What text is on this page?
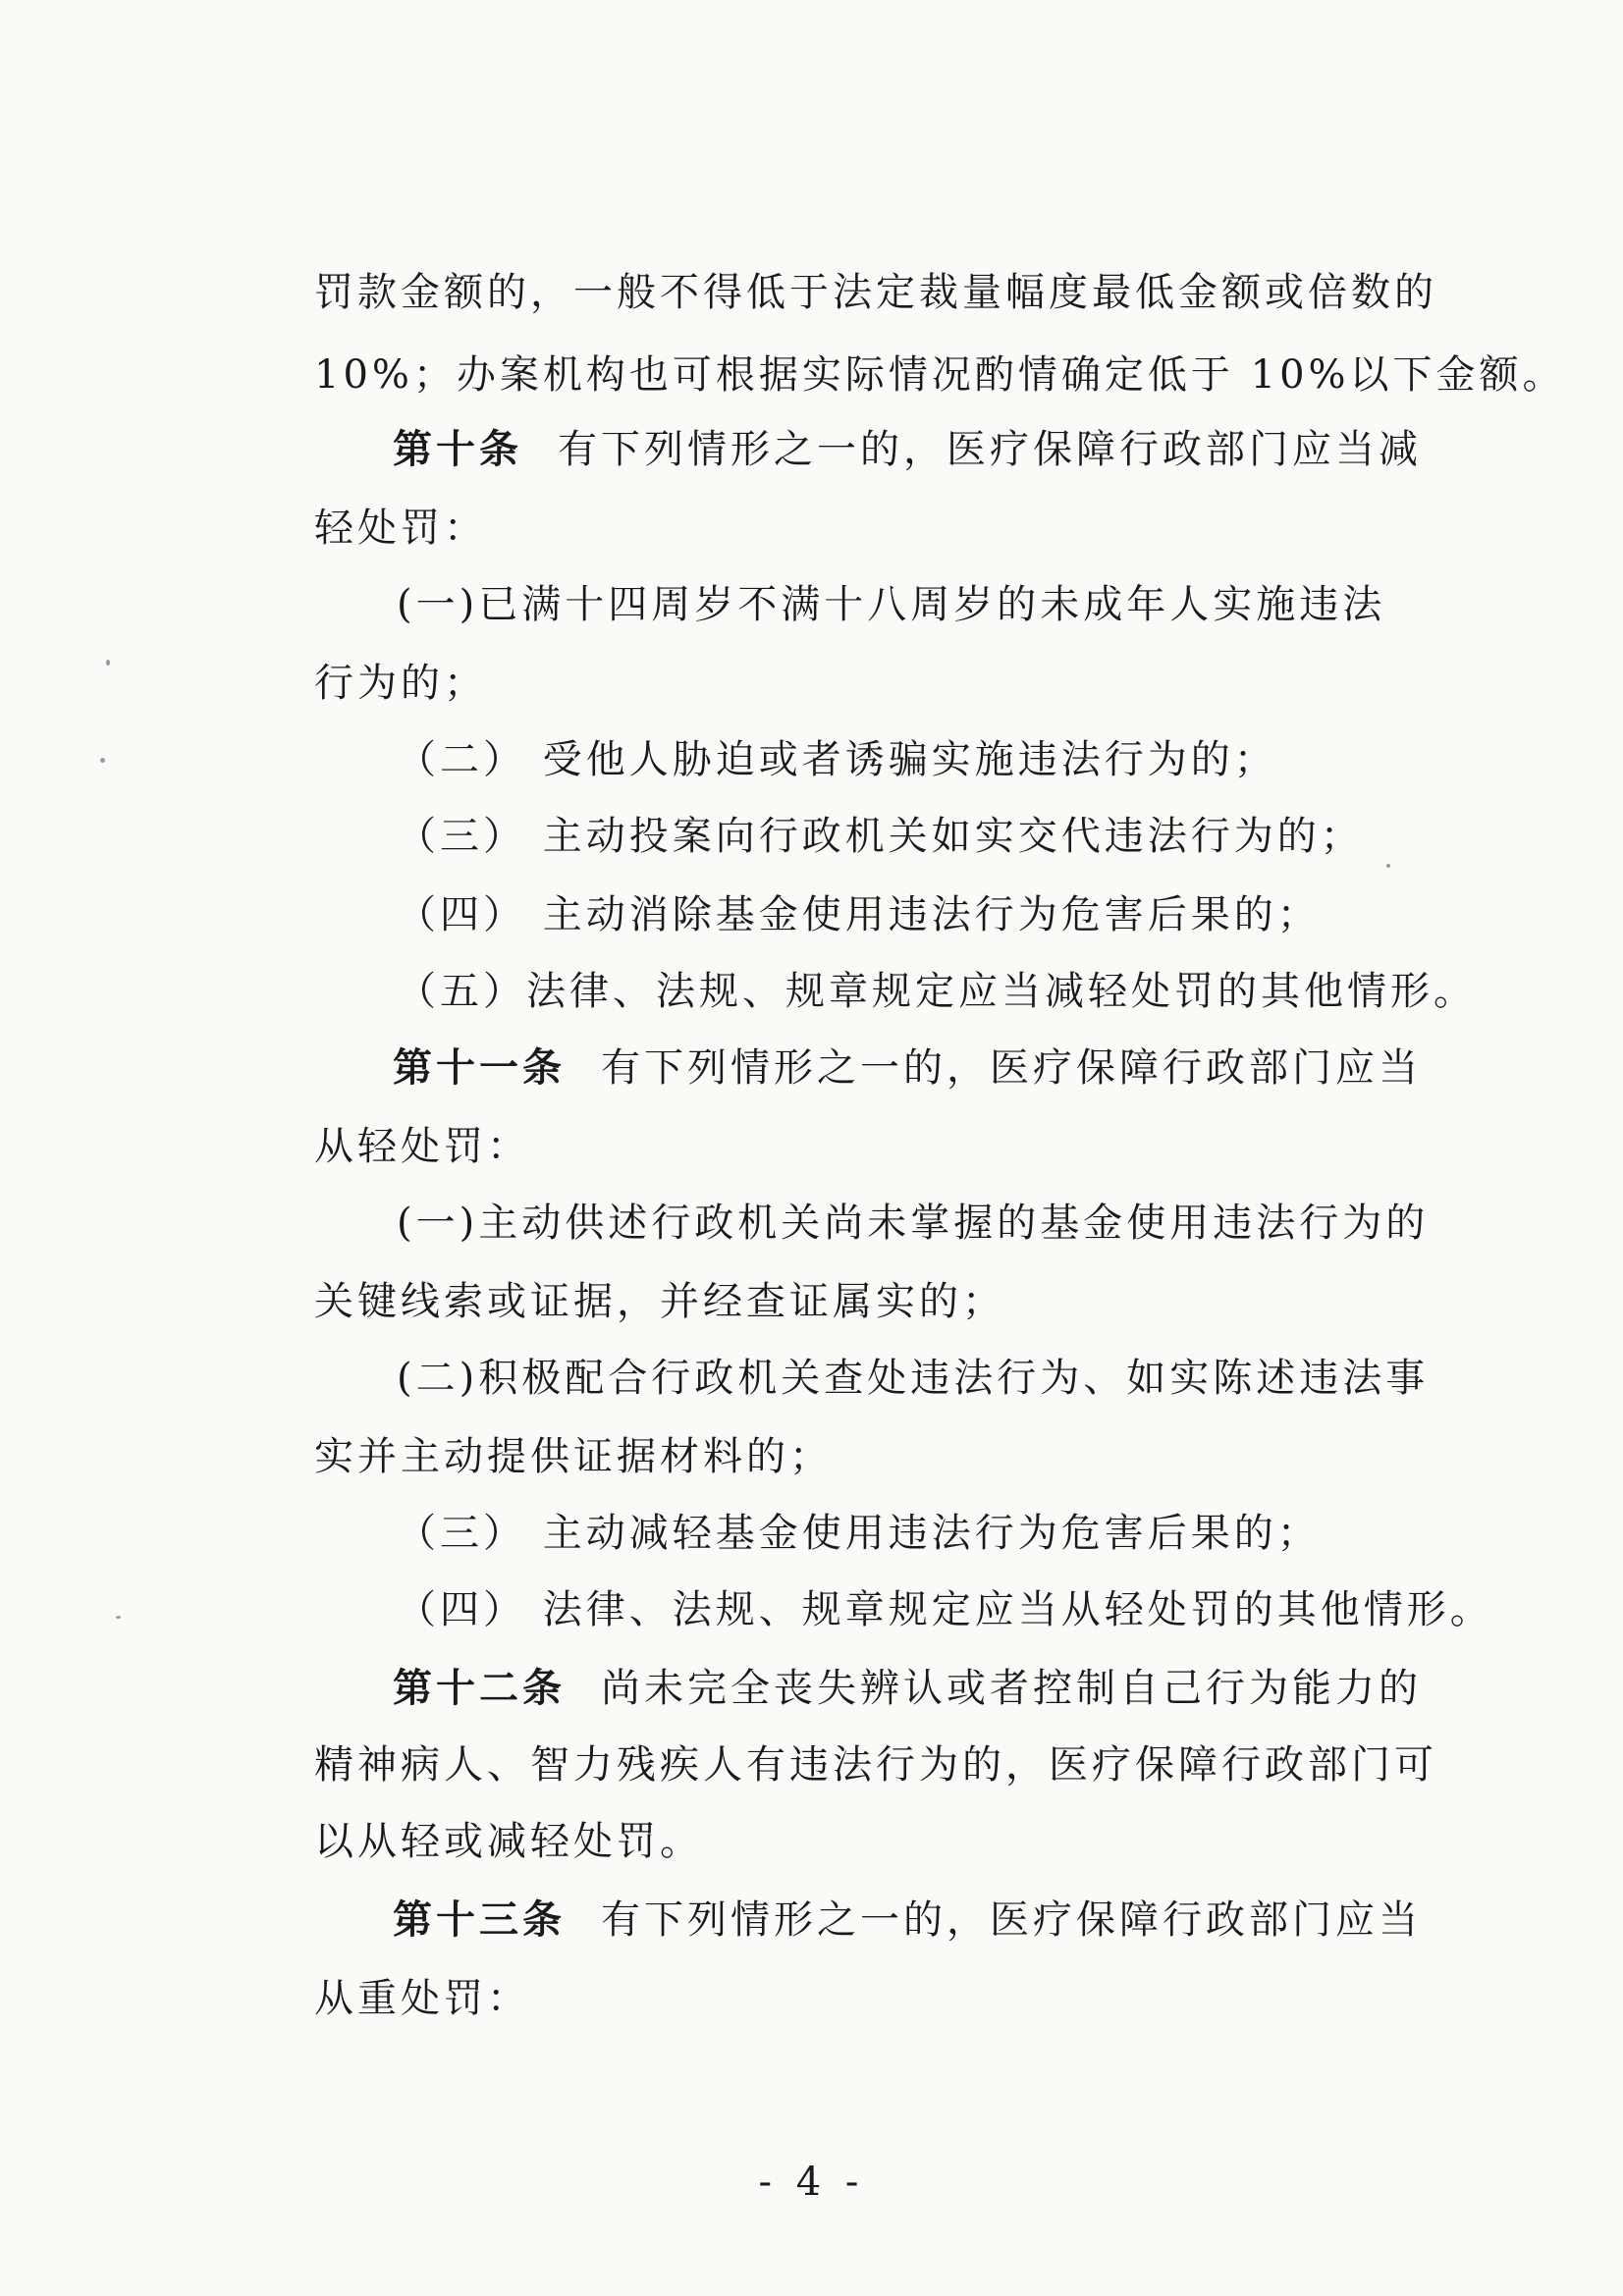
罚款金额的，一般不得低于法定裁量幅度最低金额或倍数的
10%；办案机构也可根据实际情况酌情确定低于 10%以下金额。
第十条 有下列情形之一的，医疗保障行政部门应当减
轻处罚：
(一)已满十四周岁不满十八周岁的未成年人实施违法
行为的；
（二） 受他人胁迫或者诱骗实施违法行为的；
（三） 主动投案向行政机关如实交代违法行为的；
（四） 主动消除基金使用违法行为危害后果的；
（五）法律、法规、规章规定应当减轻处罚的其他情形。
第十一条 有下列情形之一的，医疗保障行政部门应当
从轻处罚：
(一)主动供述行政机关尚未掌握的基金使用违法行为的
关键线索或证据，并经查证属实的；
(二)积极配合行政机关查处违法行为、如实陈述违法事
实并主动提供证据材料的；
（三） 主动减轻基金使用违法行为危害后果的；
（四） 法律、法规、规章规定应当从轻处罚的其他情形。
第十二条 尚未完全丧失辨认或者控制自己行为能力的
精神病人、智力残疾人有违法行为的，医疗保障行政部门可
以从轻或减轻处罚。
第十三条 有下列情形之一的，医疗保障行政部门应当
从重处罚：
- 4 -
